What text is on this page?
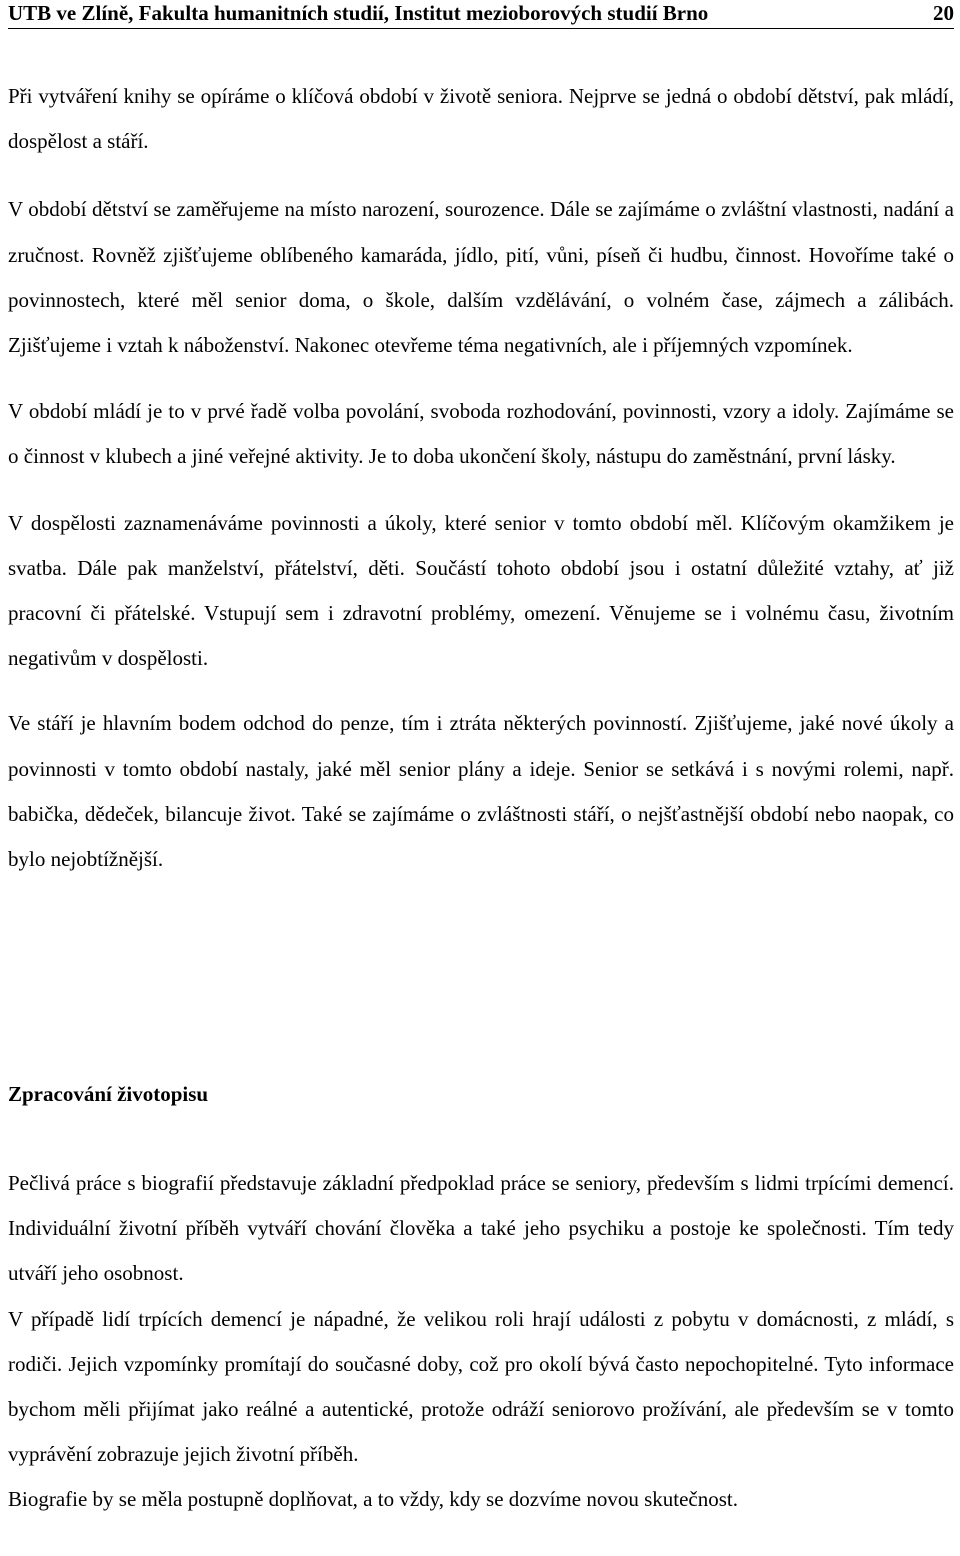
UTB ve Zlíně, Fakulta humanitních studií, Institut mezioborových studií Brno	20

Při vytváření knihy se opíráme o klíčová období v životě seniora. Nejprve se jedná o období dětství, pak mládí, dospělost a stáří.

V období dětství se zaměřujeme na místo narození, sourozence. Dále se zajímáme o zvláštní vlastnosti, nadání a zručnost. Rovněž zjišťujeme oblíbeného kamaráda, jídlo, pití, vůni, píseň či hudbu, činnost. Hovoříme také o povinnostech, které měl senior doma, o škole, dalším vzdělávání, o volném čase, zájmech a zálibách. Zjišťujeme i vztah k náboženství. Nakonec otevřeme téma negativních, ale i příjemných vzpomínek.

V období mládí je to v prvé řadě volba povolání, svoboda rozhodování, povinnosti, vzory a idoly. Zajímáme se o činnost v klubech a jiné veřejné aktivity. Je to doba ukončení školy, nástupu do zaměstnání, první lásky.

V dospělosti zaznamenáváme povinnosti a úkoly, které senior v tomto období měl. Klíčovým okamžikem je svatba. Dále pak manželství, přátelství, děti. Součástí tohoto období jsou i ostatní důležité vztahy, ať již pracovní či přátelské. Vstupují sem i zdravotní problémy, omezení. Věnujeme se i volnému času, životním negativům v dospělosti.

Ve stáří je hlavním bodem odchod do penze, tím i ztráta některých povinností. Zjišťujeme, jaké nové úkoly a povinnosti v tomto období nastaly, jaké měl senior plány a ideje. Senior se setkává i s novými rolemi, např. babička, dědeček, bilancuje život. Také se zajímáme o zvláštnosti stáří, o nejšťastnější období nebo naopak, co bylo nejobtížnější.

Zpracování životopisu

Pečlivá práce s biografií představuje základní předpoklad práce se seniory, především s lidmi trpícími demencí. Individuální životní příběh vytváří chování člověka a také jeho psychiku a postoje ke společnosti. Tím tedy utváří jeho osobnost.

V případě lidí trpících demencí je nápadné, že velikou roli hrají události z pobytu v domácnosti, z mládí, s rodiči. Jejich vzpomínky promítají do současné doby, což pro okolí bývá často nepochopitelné. Tyto informace bychom měli přijímat jako reálné a autentické, protože odráží seniorovo prožívání, ale především se v tomto vyprávění zobrazuje jejich životní příběh.

Biografie by se měla postupně doplňovat, a to vždy, kdy se dozvíme novou skutečnost.
